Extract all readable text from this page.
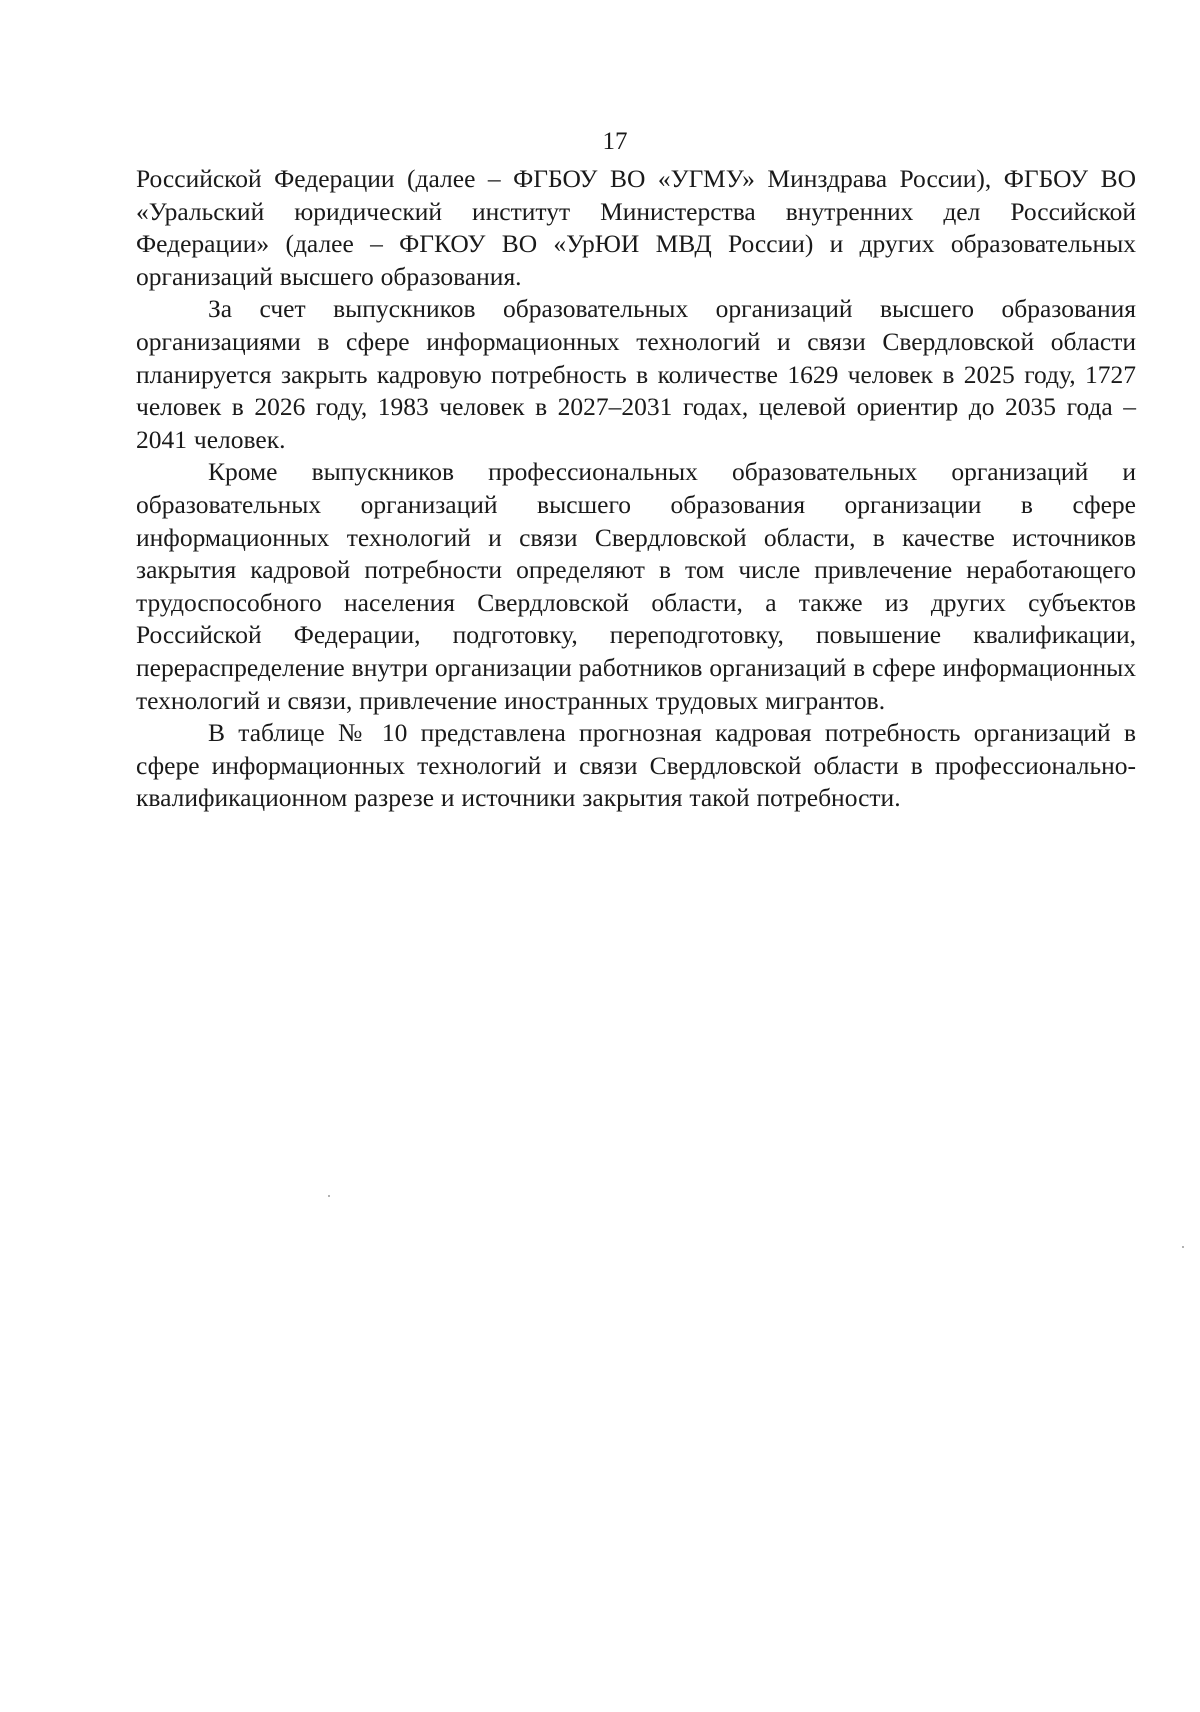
17

Российской Федерации (далее – ФГБОУ ВО «УГМУ» Минздрава России), ФГБОУ ВО «Уральский юридический институт Министерства внутренних дел Российской Федерации» (далее – ФГКОУ ВО «УрЮИ МВД России) и других образовательных организаций высшего образования.

За счет выпускников образовательных организаций высшего образования организациями в сфере информационных технологий и связи Свердловской области планируется закрыть кадровую потребность в количестве 1629 человек в 2025 году, 1727 человек в 2026 году, 1983 человек в 2027–2031 годах, целевой ориентир до 2035 года – 2041 человек.

Кроме выпускников профессиональных образовательных организаций и образовательных организаций высшего образования организации в сфере информационных технологий и связи Свердловской области, в качестве источников закрытия кадровой потребности определяют в том числе привлечение неработающего трудоспособного населения Свердловской области, а также из других субъектов Российской Федерации, подготовку, переподготовку, повышение квалификации, перераспределение внутри организации работников организаций в сфере информационных технологий и связи, привлечение иностранных трудовых мигрантов.

В таблице № 10 представлена прогнозная кадровая потребность организаций в сфере информационных технологий и связи Свердловской области в профессионально-квалификационном разрезе и источники закрытия такой потребности.
